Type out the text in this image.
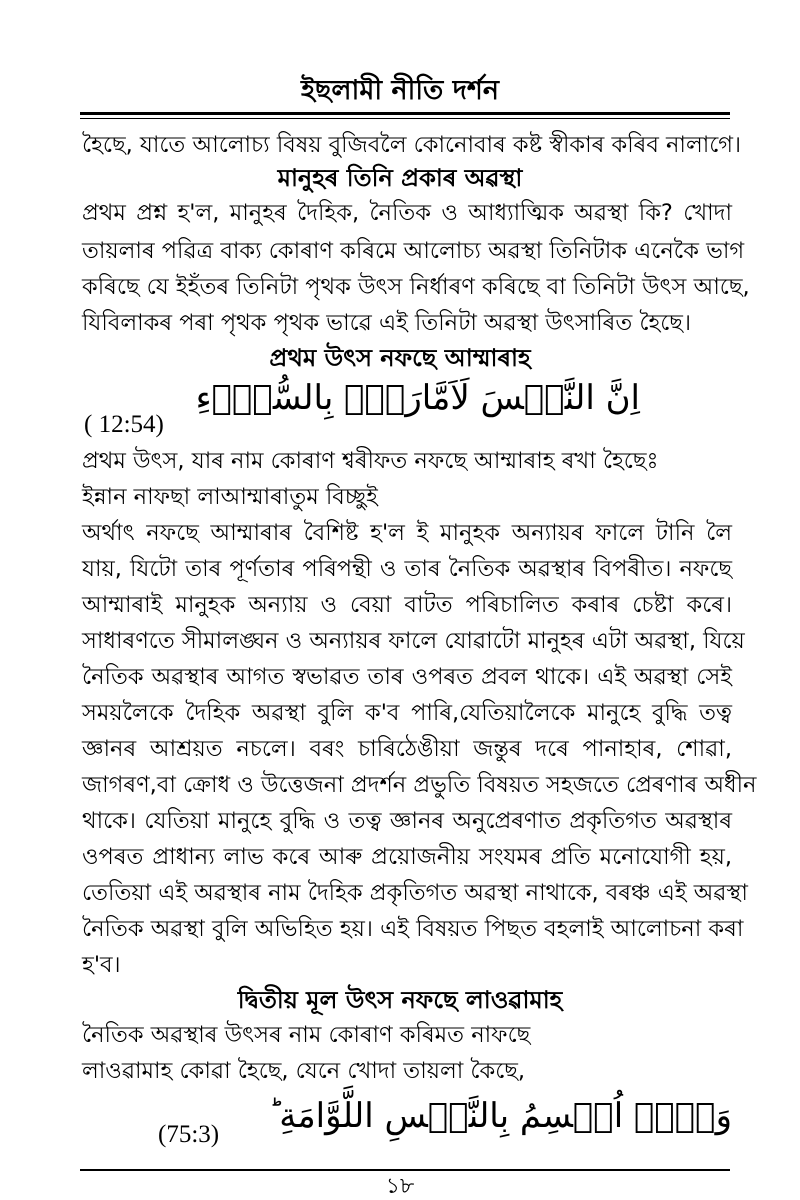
ইছলামী নীতি দর্শন
হৈছে, যাতে আলোচ্য বিষয় বুজিবলৈ কোনোবাৰ কষ্ট স্বীকাৰ কৰিব নালাগে।
মানুহৰ তিনি প্ৰকাৰ অৱস্থা
প্ৰথম প্ৰশ্ন হ'ল, মানুহৰ দৈহিক, নৈতিক ও আধ্যাত্মিক অৱস্থা কি? খোদা
তায়লাৰ পৱিত্ৰ বাক্য কোৰাণ কৰিমে আলোচ্য অৱস্থা তিনিটাক এনেকৈ ভাগ
কৰিছে যে ইহঁতৰ তিনিটা পৃথক উৎস নিৰ্ধাৰণ কৰিছে বা তিনিটা উৎস আছে,
যিবিলাকৰ পৰা পৃথক পৃথক ভাৱে এই তিনিটা অৱস্থা উৎসাৰিত হৈছে।
প্ৰথম উৎস নফছে আম্মাৰাহ
اِنَّ النَّفۡسَ لَاَمَّارَةٌۢ بِالسُّوۡٓءِ
( 12:54)
প্ৰথম উৎস, যাৰ নাম কোৰাণ শ্বৰীফত নফছে আম্মাৰাহ ৰখা হৈছেঃ
ইন্নান নাফছা লাআম্মাৰাতুম বিচ্ছুই
অৰ্থাৎ নফছে আম্মাৰাৰ বৈশিষ্ট হ'ল ই মানুহক অন্যায়ৰ ফালে টানি লৈ
যায়, যিটো তাৰ পূৰ্ণতাৰ পৰিপন্থী ও তাৰ নৈতিক অৱস্থাৰ বিপৰীত। নফছে
আম্মাৰাই মানুহক অন্যায় ও বেয়া বাটত পৰিচালিত কৰাৰ চেষ্টা কৰে।
সাধাৰণতে সীমালঙ্ঘন ও অন্যায়ৰ ফালে যোৱাটো মানুহৰ এটা অৱস্থা, যিয়ে
নৈতিক অৱস্থাৰ আগত স্বভাৱত তাৰ ওপৰত প্ৰবল থাকে। এই অৱস্থা সেই
সময়লৈকে দৈহিক অৱস্থা বুলি ক'ব পাৰি,যেতিয়ালৈকে মানুহে বুদ্ধি তত্ব
জ্ঞানৰ আশ্ৰয়ত নচলে। বৰং চাৰিঠেঙীয়া জন্তুৰ দৰে পানাহাৰ, শোৱা,
জাগৰণ,বা ক্ৰোধ ও উত্তেজনা প্ৰদৰ্শন প্ৰভুতি বিষয়ত সহজতে প্ৰেৰণাৰ অধীন
থাকে। যেতিয়া মানুহে বুদ্ধি ও তত্ব জ্ঞানৰ অনুপ্ৰেৰণাত প্ৰকৃতিগত অৱস্থাৰ
ওপৰত প্ৰাধান্য লাভ কৰে আৰু প্ৰয়োজনীয় সংযমৰ প্ৰতি মনোযোগী হয়,
তেতিয়া এই অৱস্থাৰ নাম দৈহিক প্ৰকৃতিগত অৱস্থা নাথাকে, বৰঞ্চ এই অৱস্থা
নৈতিক অৱস্থা বুলি অভিহিত হয়। এই বিষয়ত পিছত বহলাই আলোচনা কৰা
হ'ব।
দ্বিতীয় মূল উৎস নফছে লাওৱামাহ
নৈতিক অৱস্থাৰ উৎসৰ নাম কোৰাণ কৰিমত নাফছে
লাওৱামাহ কোৱা হৈছে, যেনে খোদা তায়লা কৈছে,
وَلَاۤ اُقۡسِمُ بِالنَّفۡسِ اللَّوَّامَةِ ؕ
(75:3)
১৮
